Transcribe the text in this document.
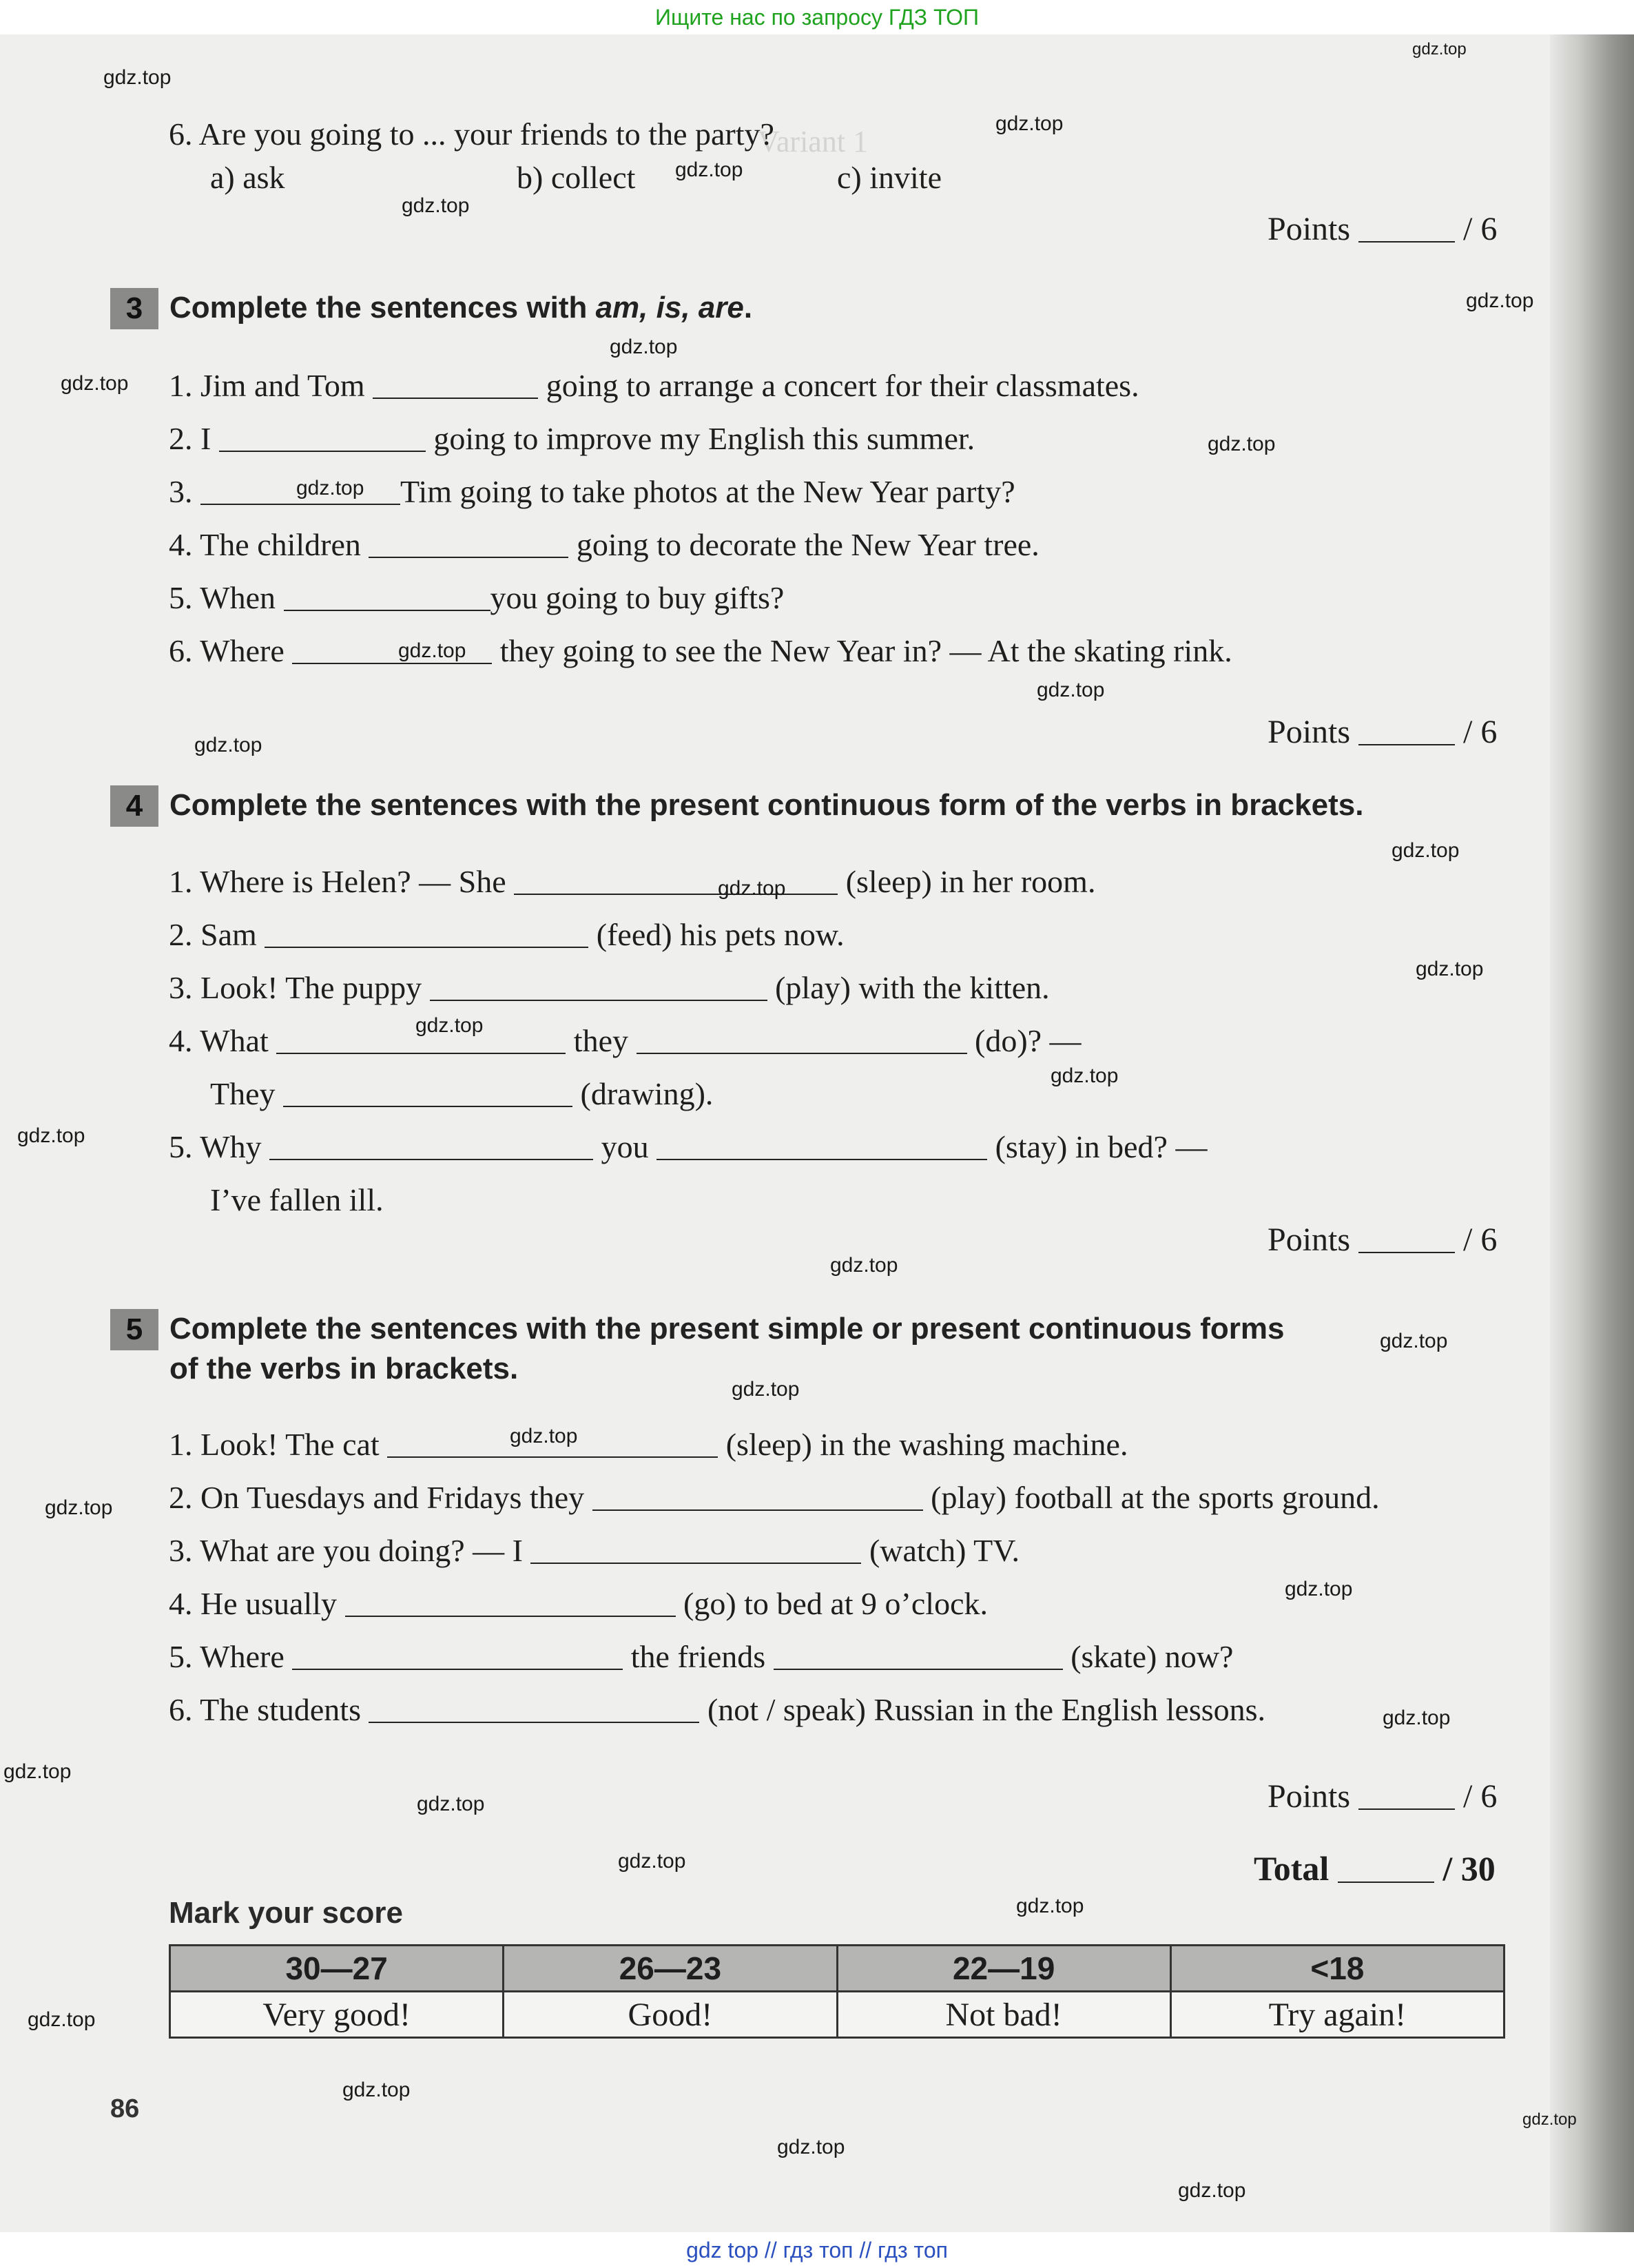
Ищите нас по запросу ГДЗ ТОП
Variant 1
6. Are you going to ... your friends to the party?
a) ask	b) collect	c) invite
Points	/ 6
3 Complete the sentences with am, is, are.
1. Jim and Tom	going to arrange a concert for their classmates.
2. I	going to improve my English this summer.
3.	Tim going to take photos at the New Year party?
4. The children	going to decorate the New Year tree.
5. When	you going to buy gifts?
6. Where	they going to see the New Year in? — At the skating rink.
Points	/ 6
4 Complete the sentences with the present continuous form of the verbs in brackets.
1. Where is Helen? — She	(sleep) in her room.
2. Sam	(feed) his pets now.
3. Look! The puppy	(play) with the kitten.
4. What	they	(do)? —
They	(drawing).
5. Why	you	(stay) in bed? —
I’ve fallen ill.
Points	/ 6
5 Complete the sentences with the present simple or present continuous forms
of the verbs in brackets.
1. Look! The cat	(sleep) in the washing machine.
2. On Tuesdays and Fridays they	(play) football at the sports ground.
3. What are you doing? — I	(watch) TV.
4. He usually	(go) to bed at 9 o’clock.
5. Where	the friends	(skate) now?
6. The students	(not / speak) Russian in the English lessons.
Points	/ 6
Total	/ 30
Mark your score
30—27	26—23	22—19	<18
Very good!	Good!	Not bad!	Try again!
86
gdz.top
gdz.top
gdz.top
gdz.top
gdz.top
gdz.top
gdz.top
gdz.top
gdz.top
gdz.top
gdz.top
gdz.top
gdz.top
gdz.top
gdz.top
gdz.top
gdz.top
gdz.top
gdz.top
gdz.top
gdz.top
gdz.top
gdz.top
gdz.top
gdz.top
gdz.top
gdz.top
gdz.top
gdz.top
gdz.top
gdz.top
gdz.top
gdz.top
gdz.top
gdz.top
gdz top // гдз топ // гдз топ
